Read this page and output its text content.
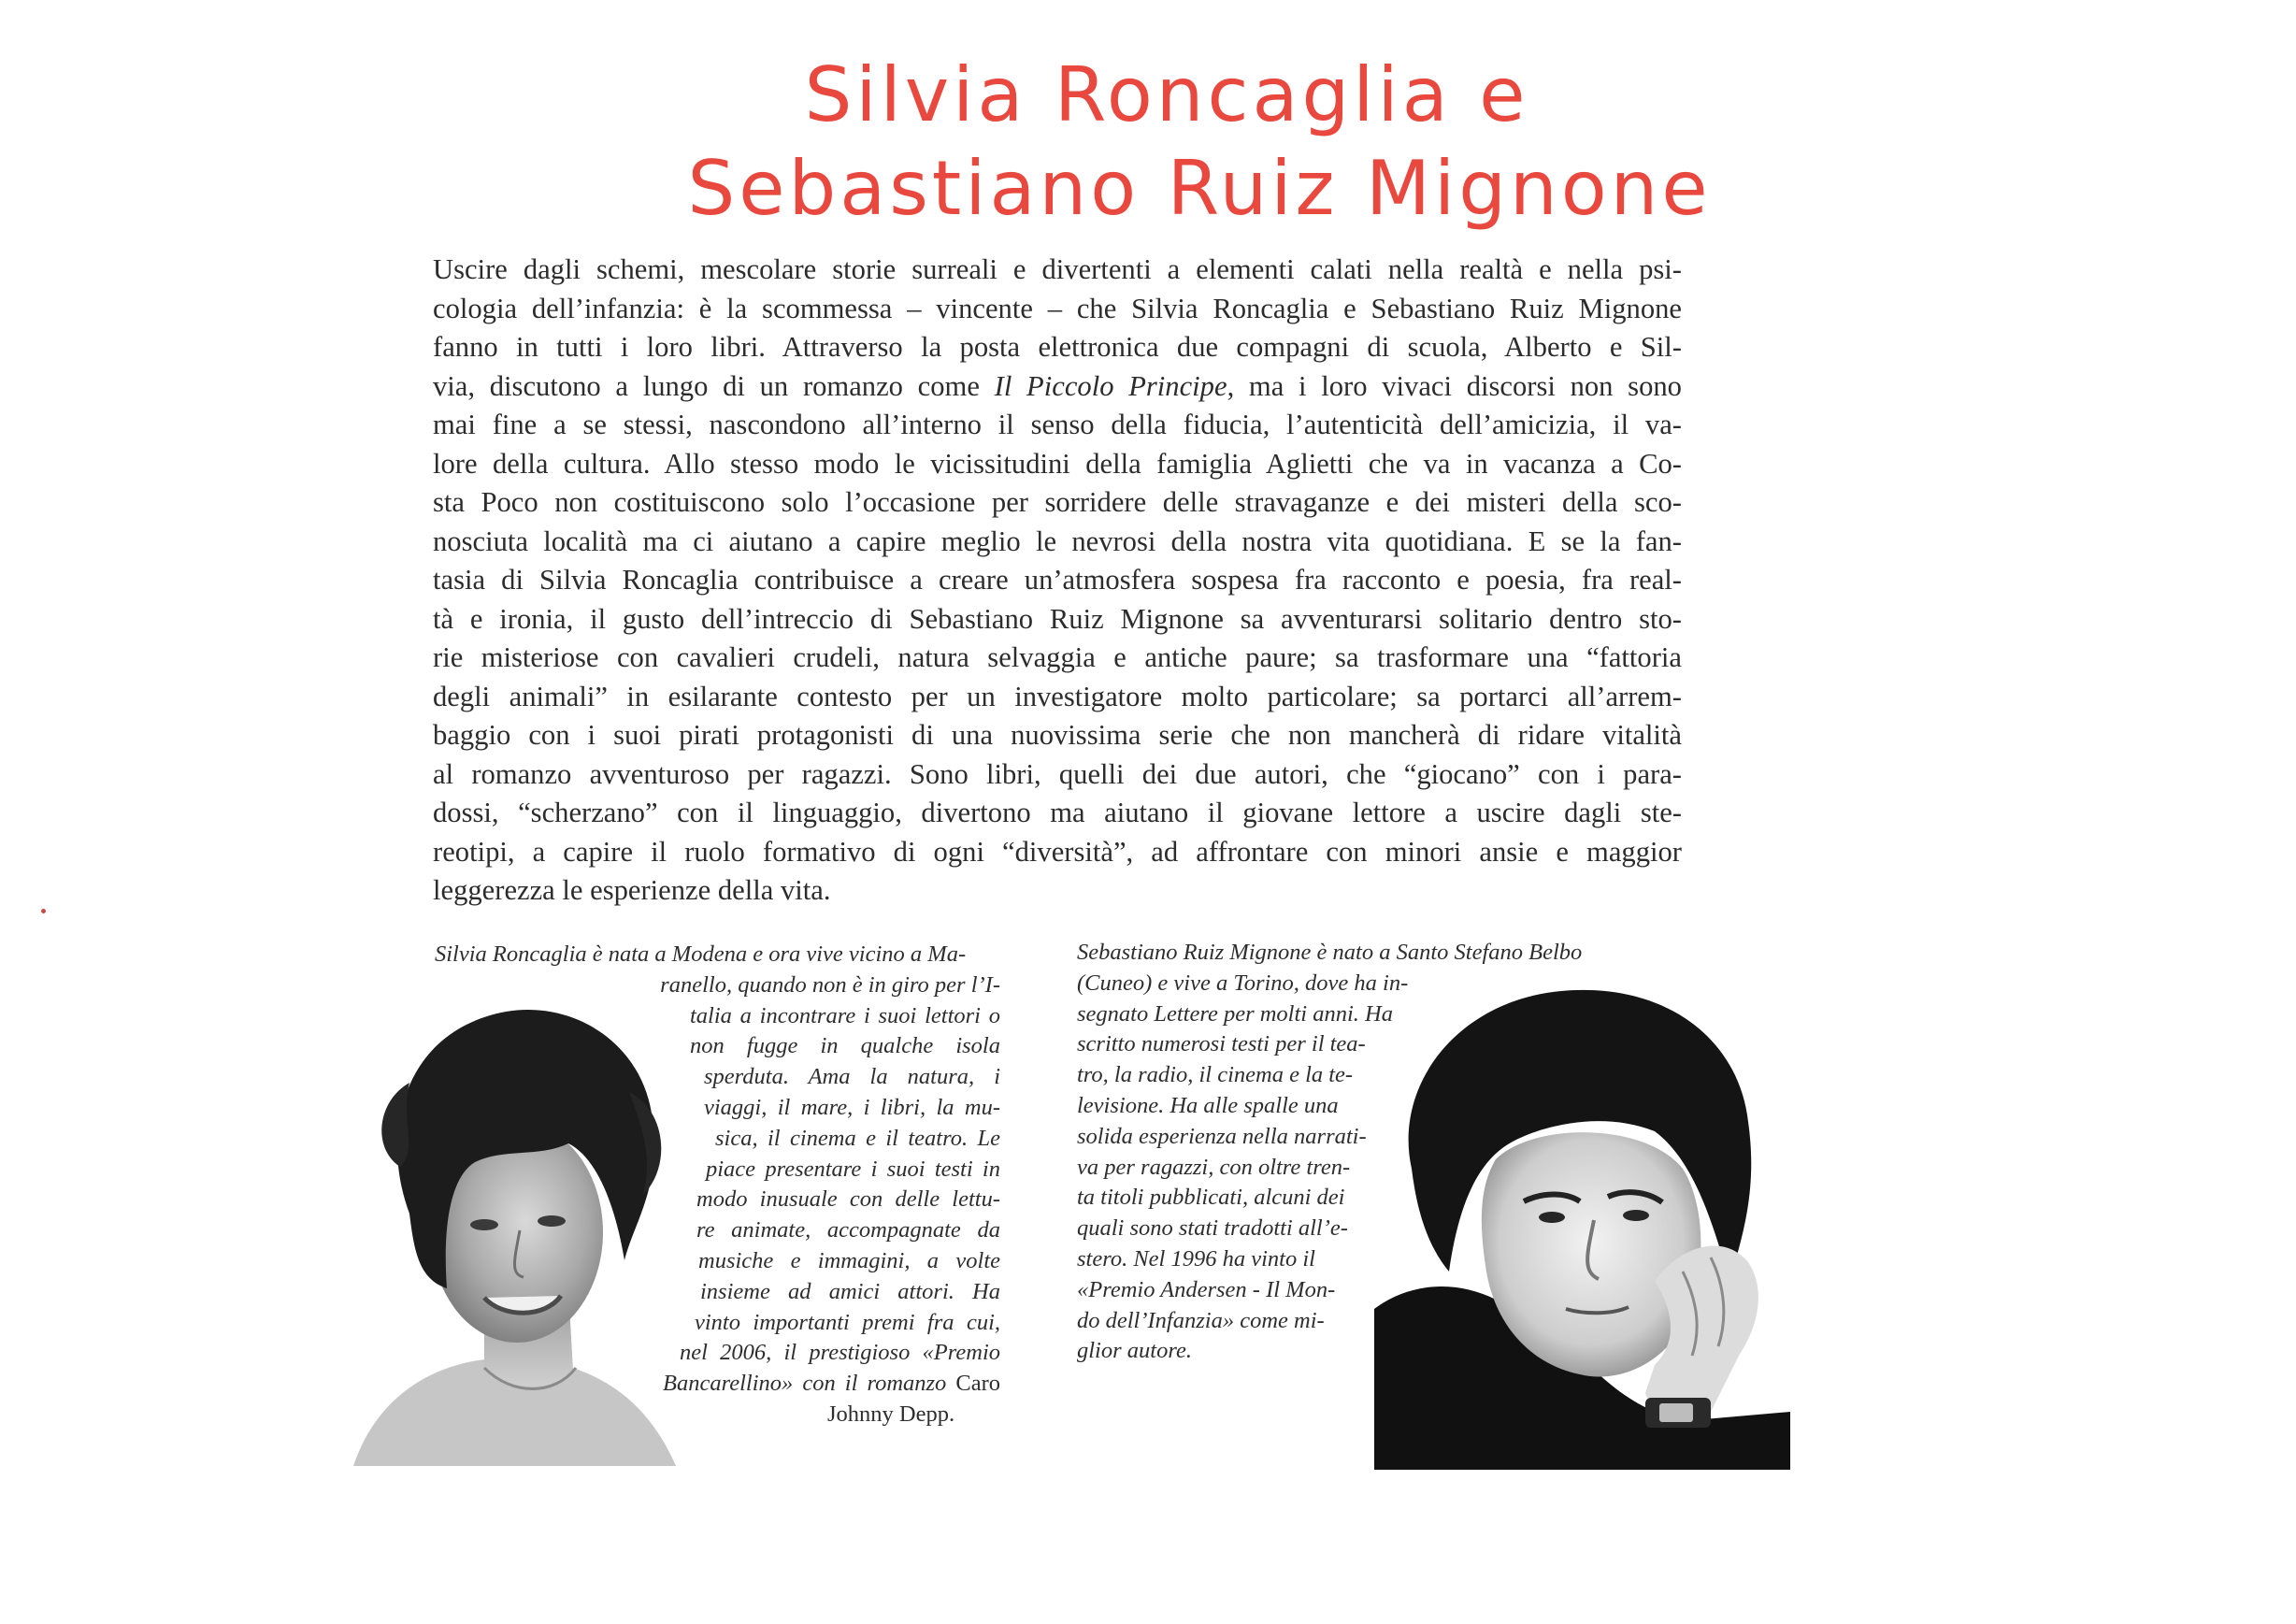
Silvia Roncaglia e
Sebastiano Ruiz Mignone
Uscire dagli schemi, mescolare storie surreali e divertenti a elementi calati nella realtà e nella psi-
cologia dell’infanzia: è la scommessa – vincente – che Silvia Roncaglia e Sebastiano Ruiz Mignone
fanno in tutti i loro libri. Attraverso la posta elettronica due compagni di scuola, Alberto e Sil-
via, discutono a lungo di un romanzo come Il Piccolo Principe, ma i loro vivaci discorsi non sono
mai fine a se stessi, nascondono all’interno il senso della fiducia, l’autenticità dell’amicizia, il va-
lore della cultura. Allo stesso modo le vicissitudini della famiglia Aglietti che va in vacanza a Co-
sta Poco non costituiscono solo l’occasione per sorridere delle stravaganze e dei misteri della sco-
nosciuta località ma ci aiutano a capire meglio le nevrosi della nostra vita quotidiana. E se la fan-
tasia di Silvia Roncaglia contribuisce a creare un’atmosfera sospesa fra racconto e poesia, fra real-
tà e ironia, il gusto dell’intreccio di Sebastiano Ruiz Mignone sa avventurarsi solitario dentro sto-
rie misteriose con cavalieri crudeli, natura selvaggia e antiche paure; sa trasformare una “fattoria
degli animali” in esilarante contesto per un investigatore molto particolare; sa portarci all’arrem-
baggio con i suoi pirati protagonisti di una nuovissima serie che non mancherà di ridare vitalità
al romanzo avventuroso per ragazzi. Sono libri, quelli dei due autori, che “giocano” con i para-
dossi, “scherzano” con il linguaggio, divertono ma aiutano il giovane lettore a uscire dagli ste-
reotipi, a capire il ruolo formativo di ogni “diversità”, ad affrontare con minori ansie e maggior
leggerezza le esperienze della vita.
Silvia Roncaglia è nata a Modena e ora vive vicino a Ma-
ranello, quando non è in giro per l’I-
talia a incontrare i suoi lettori o
non fugge in qualche isola
sperduta. Ama la natura, i
viaggi, il mare, i libri, la mu-
sica, il cinema e il teatro. Le
piace presentare i suoi testi in
modo inusuale con delle lettu-
re animate, accompagnate da
musiche e immagini, a volte
insieme ad amici attori. Ha
vinto importanti premi fra cui,
nel 2006, il prestigioso «Premio
Bancarellino» con il romanzo Caro
Johnny Depp.
Sebastiano Ruiz Mignone è nato a Santo Stefano Belbo
(Cuneo) e vive a Torino, dove ha in-
segnato Lettere per molti anni. Ha
scritto numerosi testi per il tea-
tro, la radio, il cinema e la te-
levisione. Ha alle spalle una
solida esperienza nella narrati-
va per ragazzi, con oltre tren-
ta titoli pubblicati, alcuni dei
quali sono stati tradotti all’e-
stero. Nel 1996 ha vinto il
«Premio Andersen - Il Mon-
do dell’Infanzia» come mi-
glior autore.
